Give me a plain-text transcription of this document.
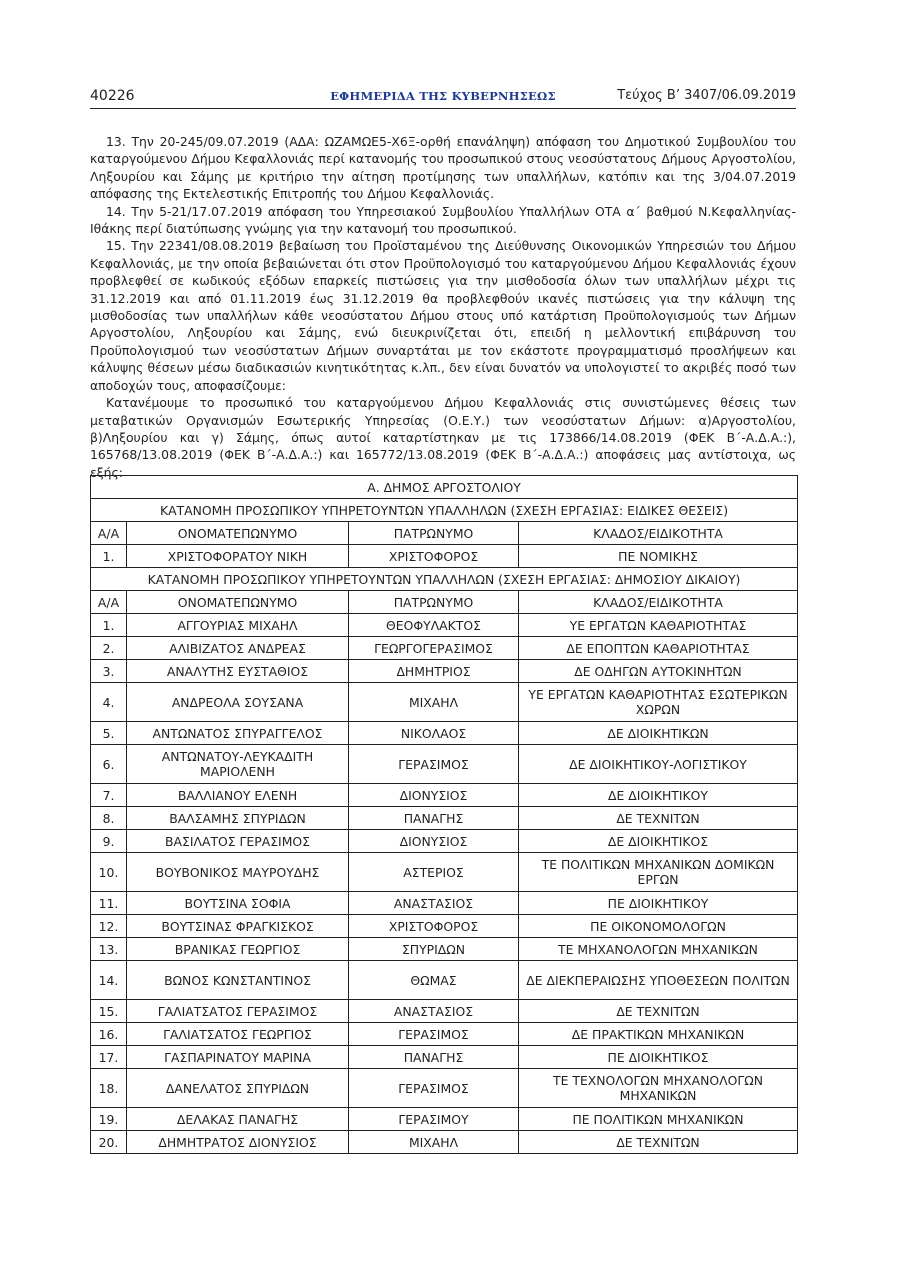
40226	ΕΦΗΜΕΡΙΔΑ ΤΗΣ ΚΥΒΕΡΝΗΣΕΩΣ	Τεύχος Β’ 3407/06.09.2019

13. Την 20-245/09.07.2019 (ΑΔΑ: ΩΖΑΜΩΕ5-Χ6Ξ-ορθή επανάληψη) απόφαση του Δημοτικού Συμβουλίου του καταργούμενου Δήμου Κεφαλλονιάς περί κατανομής του προσωπικού στους νεοσύστατους Δήμους Αργοστολίου, Ληξουρίου και Σάμης με κριτήριο την αίτηση προτίμησης των υπαλλήλων, κατόπιν και της 3/04.07.2019 απόφασης της Εκτελεστικής Επιτροπής του Δήμου Κεφαλλονιάς.

14. Την 5-21/17.07.2019 απόφαση του Υπηρεσιακού Συμβουλίου Υπαλλήλων ΟΤΑ α΄ βαθμού Ν.Κεφαλληνίας-Ιθάκης περί διατύπωσης γνώμης για την κατανομή του προσωπικού.

15. Την 22341/08.08.2019 βεβαίωση του Προϊσταμένου της Διεύθυνσης Οικονομικών Υπηρεσιών του Δήμου Κεφαλλονιάς, με την οποία βεβαιώνεται ότι στον Προϋπολογισμό του καταργούμενου Δήμου Κεφαλλονιάς έχουν προβλεφθεί σε κωδικούς εξόδων επαρκείς πιστώσεις για την μισθοδοσία όλων των υπαλλήλων μέχρι τις 31.12.2019 και από 01.11.2019 έως 31.12.2019 θα προβλεφθούν ικανές πιστώσεις για την κάλυψη της μισθοδοσίας των υπαλλήλων κάθε νεοσύστατου Δήμου στους υπό κατάρτιση Προϋπολογισμούς των Δήμων Αργοστολίου, Ληξουρίου και Σάμης, ενώ διευκρινίζεται ότι, επειδή η μελλοντική επιβάρυνση του Προϋπολογισμού των νεοσύστατων Δήμων συναρτάται με τον εκάστοτε προγραμματισμό προσλήψεων και κάλυψης θέσεων μέσω διαδικασιών κινητικότητας κ.λπ., δεν είναι δυνατόν να υπολογιστεί το ακριβές ποσό των αποδοχών τους, αποφασίζουμε:

Κατανέμουμε το προσωπικό του καταργούμενου Δήμου Κεφαλλονιάς στις συνιστώμενες θέσεις των μεταβατικών Οργανισμών Εσωτερικής Υπηρεσίας (Ο.Ε.Υ.) των νεοσύστατων Δήμων: α)Αργοστολίου, β)Ληξουρίου και γ) Σάμης, όπως αυτοί καταρτίστηκαν με τις 173866/14.08.2019 (ΦΕΚ Β΄-Α.Δ.Α.:), 165768/13.08.2019 (ΦΕΚ Β΄-Α.Δ.Α.:) και 165772/13.08.2019 (ΦΕΚ Β΄-Α.Δ.Α.:) αποφάσεις μας αντίστοιχα, ως εξής:

Α. ΔΗΜΟΣ ΑΡΓΟΣΤΟΛΙΟΥ			
ΚΑΤΑΝΟΜΗ ΠΡΟΣΩΠΙΚΟΥ ΥΠΗΡΕΤΟΥΝΤΩΝ ΥΠΑΛΛΗΛΩΝ (ΣΧΕΣΗ ΕΡΓΑΣΙΑΣ: ΕΙΔΙΚΕΣ ΘΕΣΕΙΣ)			
Α/Α	ΟΝΟΜΑΤΕΠΩΝΥΜΟ	ΠΑΤΡΩΝΥΜΟ	ΚΛΑΔΟΣ/ΕΙΔΙΚΟΤΗΤΑ
1.	ΧΡΙΣΤΟΦΟΡΑΤΟΥ ΝΙΚΗ	ΧΡΙΣΤΟΦΟΡΟΣ	ΠΕ ΝΟΜΙΚΗΣ
ΚΑΤΑΝΟΜΗ ΠΡΟΣΩΠΙΚΟΥ ΥΠΗΡΕΤΟΥΝΤΩΝ ΥΠΑΛΛΗΛΩΝ (ΣΧΕΣΗ ΕΡΓΑΣΙΑΣ: ΔΗΜΟΣΙΟΥ ΔΙΚΑΙΟΥ)			
Α/Α	ΟΝΟΜΑΤΕΠΩΝΥΜΟ	ΠΑΤΡΩΝΥΜΟ	ΚΛΑΔΟΣ/ΕΙΔΙΚΟΤΗΤΑ
1.	ΑΓΓΟΥΡΙΑΣ ΜΙΧΑΗΛ	ΘΕΟΦΥΛΑΚΤΟΣ	ΥΕ ΕΡΓΑΤΩΝ ΚΑΘΑΡΙΟΤΗΤΑΣ
2.	ΑΛΙΒΙΖΑΤΟΣ ΑΝΔΡΕΑΣ	ΓΕΩΡΓΟΓΕΡΑΣΙΜΟΣ	ΔΕ ΕΠΟΠΤΩΝ ΚΑΘΑΡΙΟΤΗΤΑΣ
3.	ΑΝΑΛΥΤΗΣ ΕΥΣΤΑΘΙΟΣ	ΔΗΜΗΤΡΙΟΣ	ΔΕ ΟΔΗΓΩΝ ΑΥΤΟΚΙΝΗΤΩΝ
4.	ΑΝΔΡΕΟΛΑ ΣΟΥΣΑΝΑ	ΜΙΧΑΗΛ	ΥΕ ΕΡΓΑΤΩΝ ΚΑΘΑΡΙΟΤΗΤΑΣ ΕΣΩΤΕΡΙΚΩΝ ΧΩΡΩΝ
5.	ΑΝΤΩΝΑΤΟΣ ΣΠΥΡΑΓΓΕΛΟΣ	ΝΙΚΟΛΑΟΣ	ΔΕ ΔΙΟΙΚΗΤΙΚΩΝ
6.	ΑΝΤΩΝΑΤΟΥ-ΛΕΥΚΑΔΙΤΗ ΜΑΡΙΟΛΕΝΗ	ΓΕΡΑΣΙΜΟΣ	ΔΕ ΔΙΟΙΚΗΤΙΚΟΥ-ΛΟΓΙΣΤΙΚΟΥ
7.	ΒΑΛΛΙΑΝΟΥ ΕΛΕΝΗ	ΔΙΟΝΥΣΙΟΣ	ΔΕ ΔΙΟΙΚΗΤΙΚΟΥ
8.	ΒΑΛΣΑΜΗΣ ΣΠΥΡΙΔΩΝ	ΠΑΝΑΓΗΣ	ΔΕ ΤΕΧΝΙΤΩΝ
9.	ΒΑΣΙΛΑΤΟΣ ΓΕΡΑΣΙΜΟΣ	ΔΙΟΝΥΣΙΟΣ	ΔΕ ΔΙΟΙΚΗΤΙΚΟΣ
10.	ΒΟΥΒΟΝΙΚΟΣ ΜΑΥΡΟΥΔΗΣ	ΑΣΤΕΡΙΟΣ	ΤΕ ΠΟΛΙΤΙΚΩΝ ΜΗΧΑΝΙΚΩΝ ΔΟΜΙΚΩΝ ΕΡΓΩΝ
11.	ΒΟΥΤΣΙΝΑ ΣΟΦΙΑ	ΑΝΑΣΤΑΣΙΟΣ	ΠΕ ΔΙΟΙΚΗΤΙΚΟΥ
12.	ΒΟΥΤΣΙΝΑΣ ΦΡΑΓΚΙΣΚΟΣ	ΧΡΙΣΤΟΦΟΡΟΣ	ΠΕ ΟΙΚΟΝΟΜΟΛΟΓΩΝ
13.	ΒΡΑΝΙΚΑΣ ΓΕΩΡΓΙΟΣ	ΣΠΥΡΙΔΩΝ	ΤΕ ΜΗΧΑΝΟΛΟΓΩΝ ΜΗΧΑΝΙΚΩΝ
14.	ΒΩΝΟΣ ΚΩΝΣΤΑΝΤΙΝΟΣ	ΘΩΜΑΣ	ΔΕ ΔΙΕΚΠΕΡΑΙΩΣΗΣ ΥΠΟΘΕΣΕΩΝ ΠΟΛΙΤΩΝ
15.	ΓΑΛΙΑΤΣΑΤΟΣ ΓΕΡΑΣΙΜΟΣ	ΑΝΑΣΤΑΣΙΟΣ	ΔΕ ΤΕΧΝΙΤΩΝ
16.	ΓΑΛΙΑΤΣΑΤΟΣ ΓΕΩΡΓΙΟΣ	ΓΕΡΑΣΙΜΟΣ	ΔΕ ΠΡΑΚΤΙΚΩΝ ΜΗΧΑΝΙΚΩΝ
17.	ΓΑΣΠΑΡΙΝΑΤΟΥ ΜΑΡΙΝΑ	ΠΑΝΑΓΗΣ	ΠΕ ΔΙΟΙΚΗΤΙΚΟΣ
18.	ΔΑΝΕΛΑΤΟΣ ΣΠΥΡΙΔΩΝ	ΓΕΡΑΣΙΜΟΣ	ΤΕ ΤΕΧΝΟΛΟΓΩΝ ΜΗΧΑΝΟΛΟΓΩΝ ΜΗΧΑΝΙΚΩΝ
19.	ΔΕΛΑΚΑΣ ΠΑΝΑΓΗΣ	ΓΕΡΑΣΙΜΟΥ	ΠΕ ΠΟΛΙΤΙΚΩΝ ΜΗΧΑΝΙΚΩΝ
20.	ΔΗΜΗΤΡΑΤΟΣ ΔΙΟΝΥΣΙΟΣ	ΜΙΧΑΗΛ	ΔΕ ΤΕΧΝΙΤΩΝ
